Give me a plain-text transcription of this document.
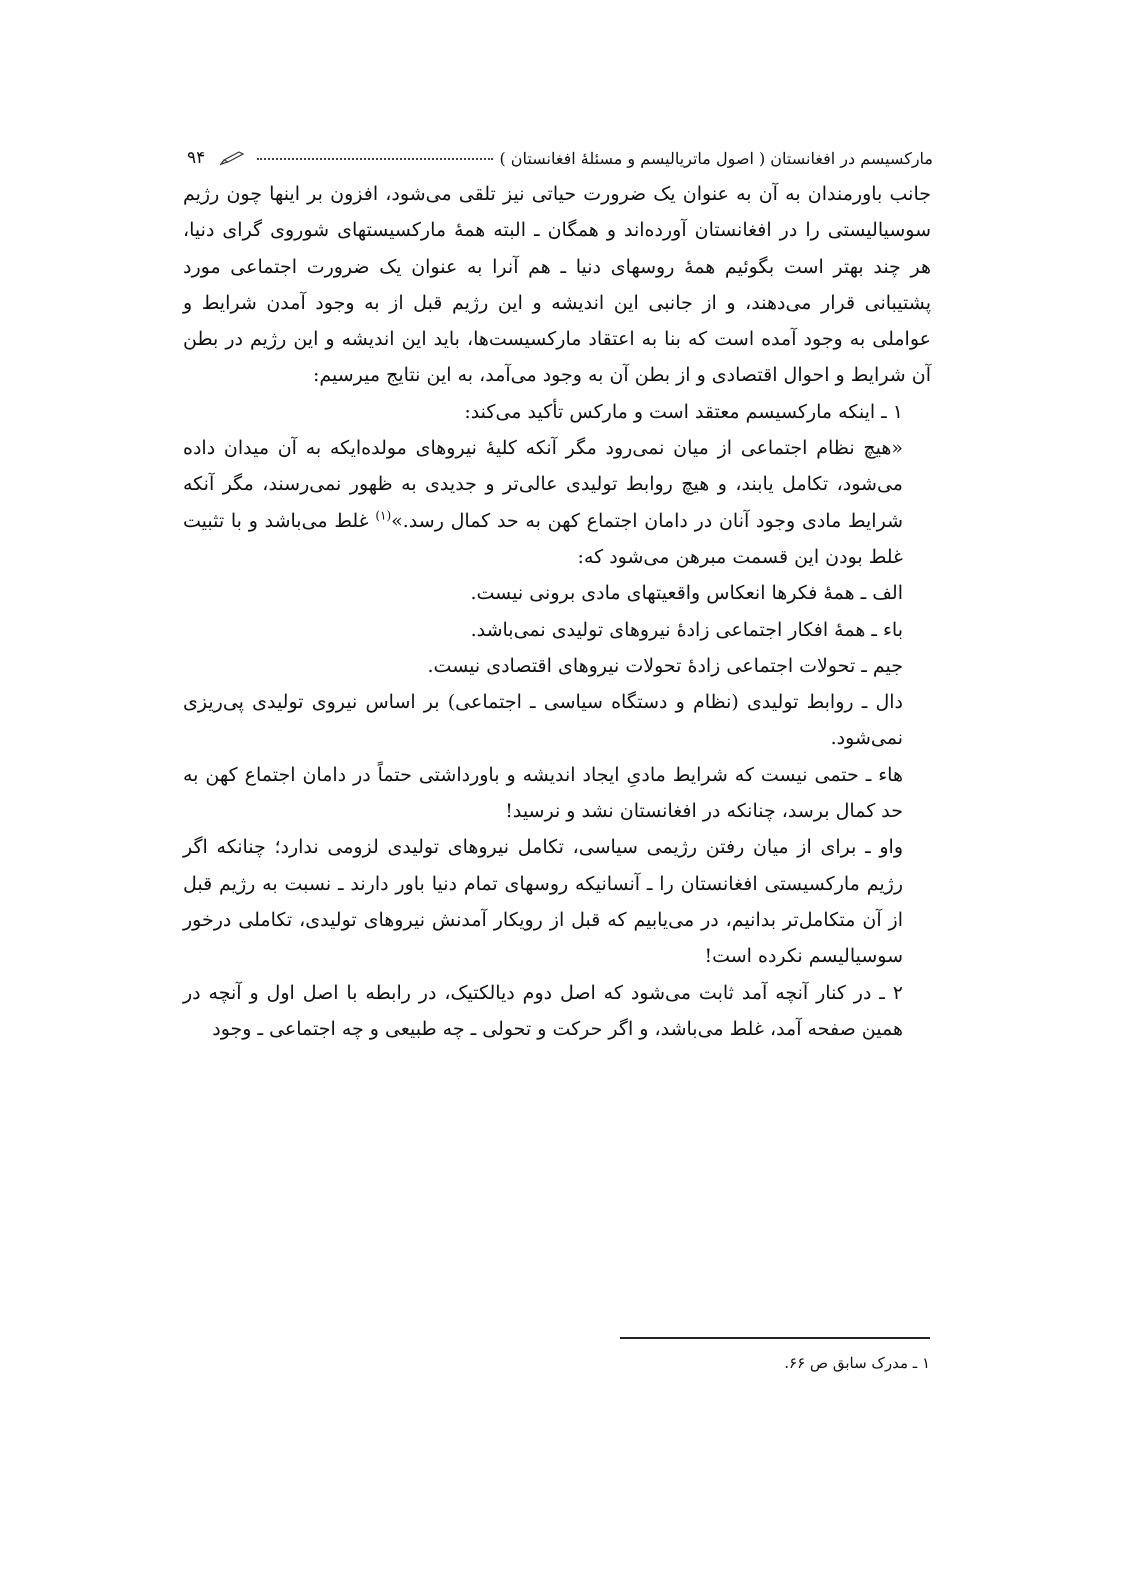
مارکسیسم در افغانستان ( اصول ماتریالیسم و مسئلهٔ افغانستان )
۹۴

جانب باورمندان به آن به عنوان یک ضرورت حیاتی نیز تلقی می‌شود، افزون بر اینها چون رژیم سوسیالیستی را در افغانستان آورده‌اند و همگان ـ البته همهٔ مارکسیستهای شوروی گرای دنیا، هر چند بهتر است بگوئیم همهٔ روسهای دنیا ـ هم آنرا به عنوان یک ضرورت اجتماعی مورد پشتیبانی قرار می‌دهند، و از جانبی این اندیشه و این رژیم قبل از به وجود آمدن شرایط و عواملی به وجود آمده است که بنا به اعتقاد مارکسیست‌ها، باید این اندیشه و این رژیم در بطن آن شرایط و احوال اقتصادی و از بطن آن به وجود می‌آمد، به این نتایج میرسیم:

۱ ـ اینکه مارکسیسم معتقد است و مارکس تأکید می‌کند:

«هیچ نظام اجتماعی از میان نمی‌رود مگر آنکه کلیهٔ نیروهای مولده‌ایکه به آن میدان داده می‌شود، تکامل یابند، و هیچ روابط تولیدی عالی‌تر و جدیدی به ظهور نمی‌رسند، مگر آنکه شرایط مادی وجود آنان در دامان اجتماع کهن به حد کمال رسد.»$^{(۱)}$ غلط می‌باشد و با تثبیت غلط بودن این قسمت مبرهن می‌شود که:

الف ـ همهٔ فکرها انعکاس واقعیتهای مادی برونی نیست.

باء ـ همهٔ افکار اجتماعی زادهٔ نیروهای تولیدی نمی‌باشد.

جیم ـ تحولات اجتماعی زادهٔ تحولات نیروهای اقتصادی نیست.

دال ـ روابط تولیدی (نظام و دستگاه سیاسی ـ اجتماعی) بر اساس نیروی تولیدی پی‌ریزی نمی‌شود.

هاء ـ حتمی نیست که شرایط مادیِ ایجاد اندیشه و باورداشتی حتماً در دامان اجتماع کهن به حد کمال برسد، چنانکه در افغانستان نشد و نرسید!

واو ـ برای از میان رفتن رژیمی سیاسی، تکامل نیروهای تولیدی لزومی ندارد؛ چنانکه اگر رژیم مارکسیستی افغانستان را ـ آنسانیکه روسهای تمام دنیا باور دارند ـ نسبت به رژیم قبل از آن متکامل‌تر بدانیم، در می‌یابیم که قبل از رویکار آمدنش نیروهای تولیدی، تکاملی درخور سوسیالیسم نکرده است!

۲ ـ در کنار آنچه آمد ثابت می‌شود که اصل دوم دیالکتیک، در رابطه با اصل اول و آنچه در همین صفحه آمد، غلط می‌باشد، و اگر حرکت و تحولی ـ چه طبیعی و چه اجتماعی ـ وجود

۱ ـ مدرک سابق ص ۶۶.
